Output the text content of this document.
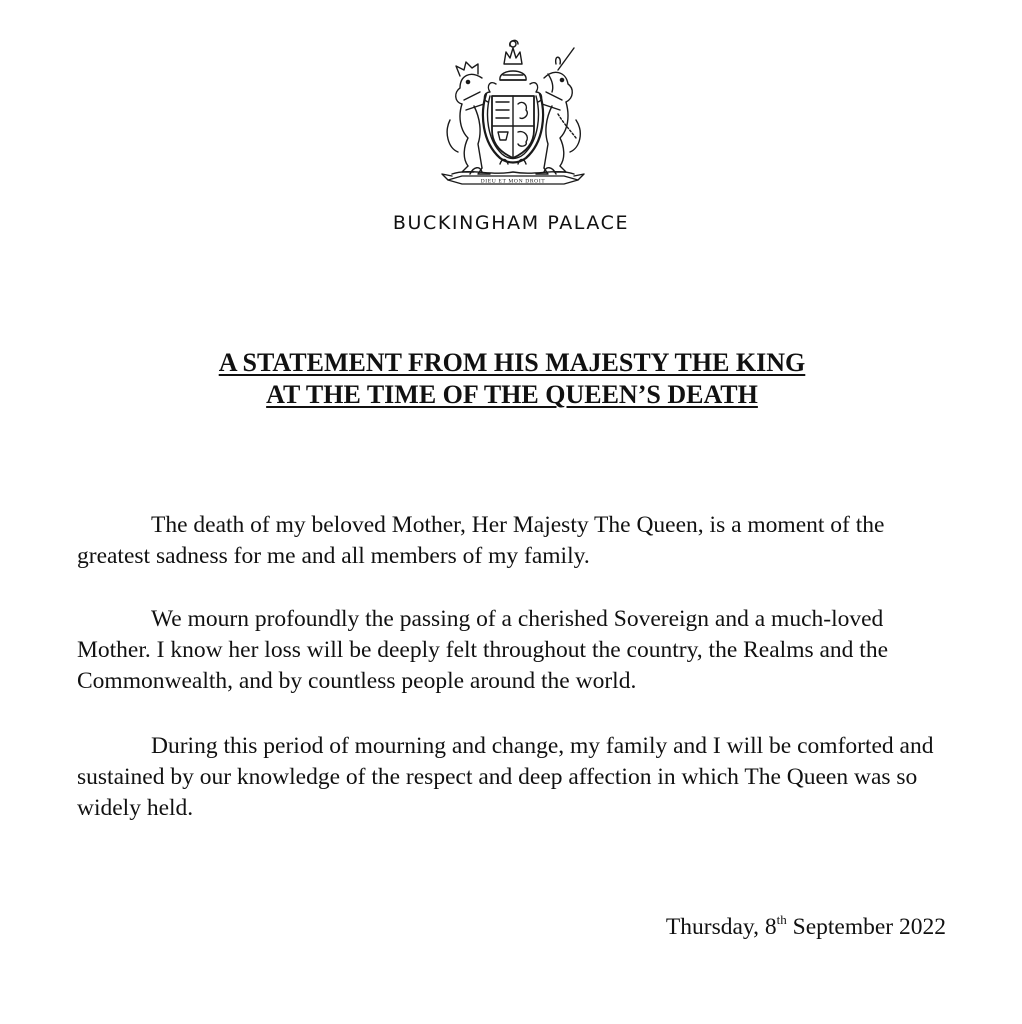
DIEU ET MON DROIT
BUCKINGHAM PALACE
A STATEMENT FROM HIS MAJESTY THE KING
AT THE TIME OF THE QUEEN’S DEATH

The death of my beloved Mother, Her Majesty The Queen, is a moment of the greatest sadness for me and all members of my family.

We mourn profoundly the passing of a cherished Sovereign and a much-loved Mother. I know her loss will be deeply felt throughout the country, the Realms and the Commonwealth, and by countless people around the world.

During this period of mourning and change, my family and I will be comforted and sustained by our knowledge of the respect and deep affection in which The Queen was so widely held.

Thursday, 8th September 2022
